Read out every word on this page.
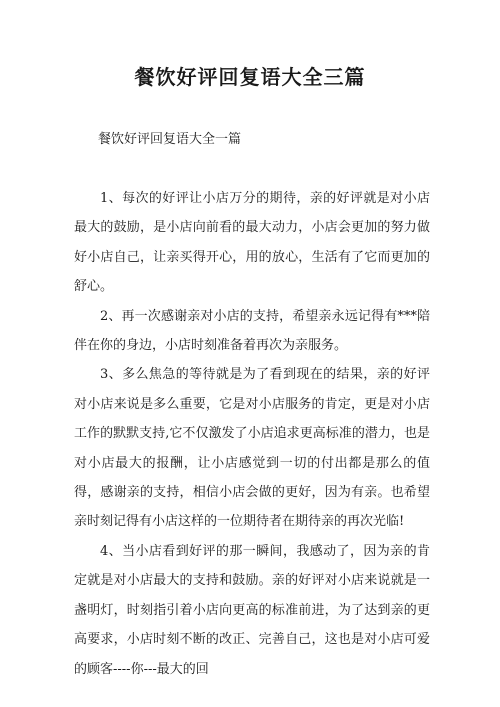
餐饮好评回复语大全三篇
餐饮好评回复语大全一篇

1、每次的好评让小店万分的期待，亲的好评就是对小店最大的鼓励，是小店向前看的最大动力，小店会更加的努力做好小店自己，让亲买得开心，用的放心，生活有了它而更加的舒心。

2、再一次感谢亲对小店的支持，希望亲永远记得有***陪伴在你的身边，小店时刻准备着再次为亲服务。

3、多么焦急的等待就是为了看到现在的结果，亲的好评对小店来说是多么重要，它是对小店服务的肯定，更是对小店工作的默默支持,它不仅激发了小店追求更高标准的潜力，也是对小店最大的报酬，让小店感觉到一切的付出都是那么的值得，感谢亲的支持，相信小店会做的更好，因为有亲。也希望亲时刻记得有小店这样的一位期待者在期待亲的再次光临!

4、当小店看到好评的那一瞬间，我感动了，因为亲的肯定就是对小店最大的支持和鼓励。亲的好评对小店来说就是一盏明灯，时刻指引着小店向更高的标准前进，为了达到亲的更高要求，小店时刻不断的改正、完善自己，这也是对小店可爱的顾客----你---最大的回
